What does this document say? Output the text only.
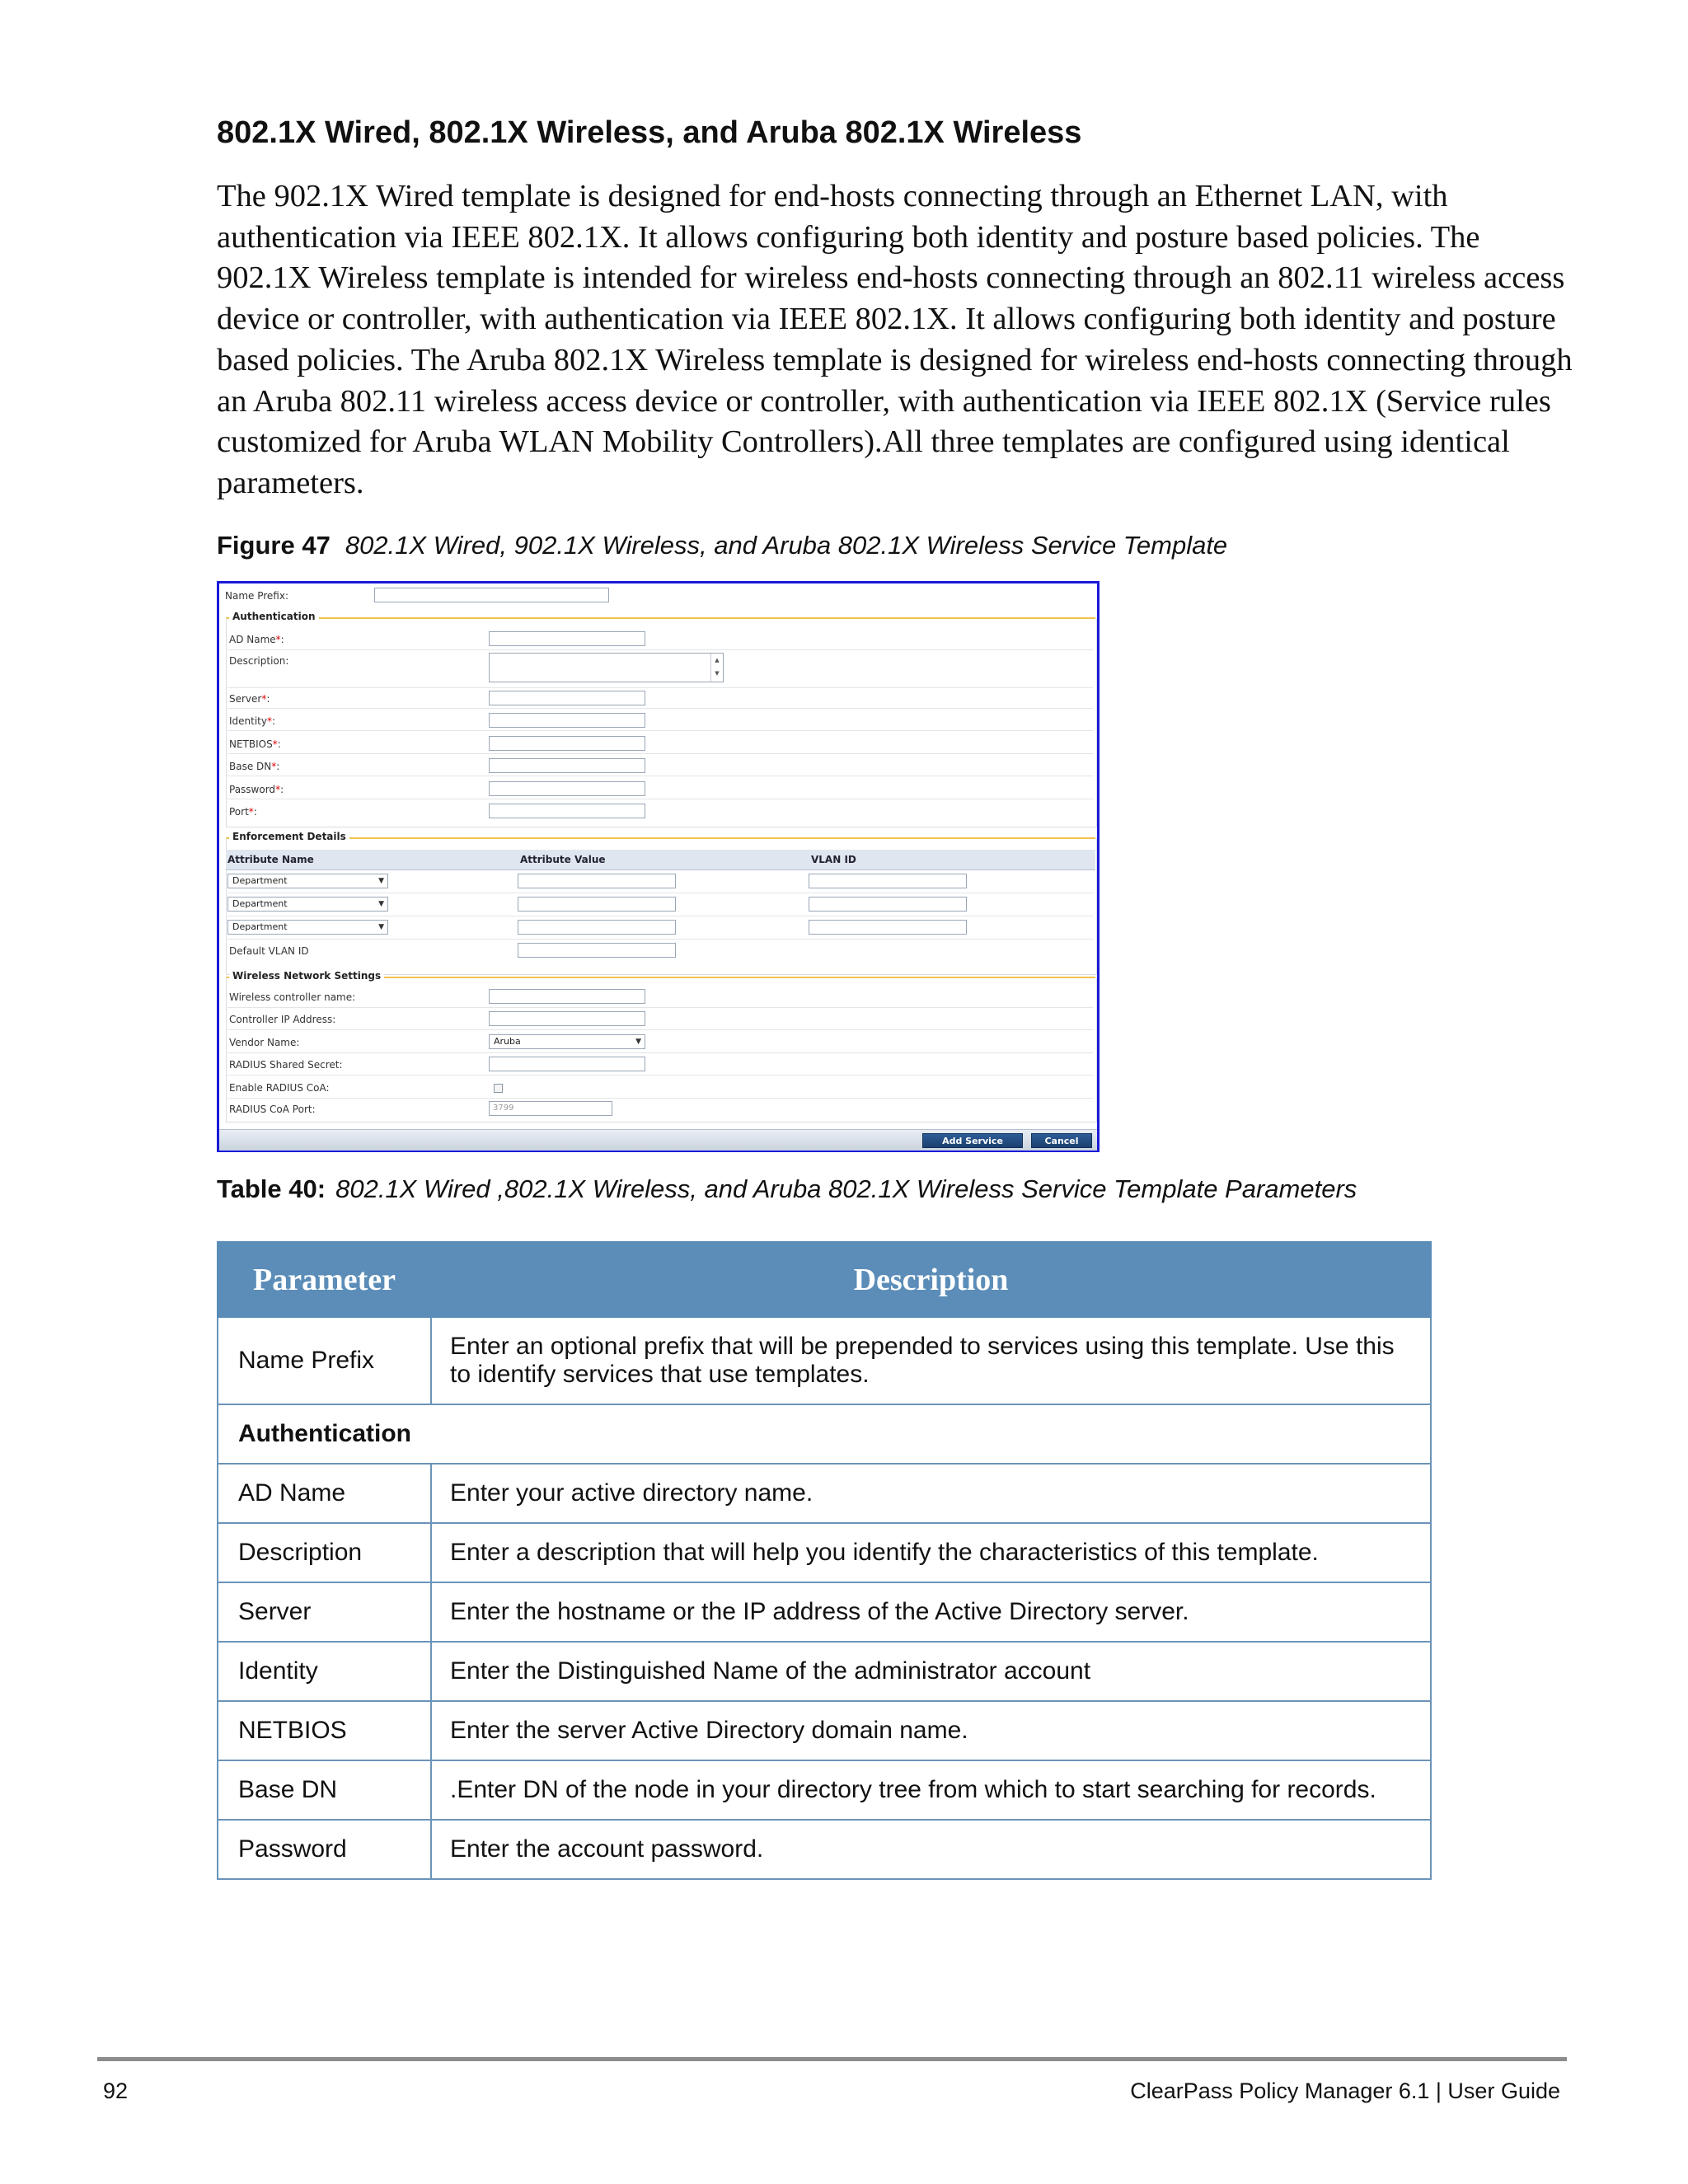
802.1X Wired, 802.1X Wireless, and Aruba 802.1X Wireless

The 902.1X Wired template is designed for end-hosts connecting through an Ethernet LAN, with authentication via IEEE 802.1X. It allows configuring both identity and posture based policies. The 902.1X Wireless template is intended for wireless end-hosts connecting through an 802.11 wireless access device or controller, with authentication via IEEE 802.1X. It allows configuring both identity and posture based policies. The Aruba 802.1X Wireless template is designed for wireless end-hosts connecting through an Aruba 802.11 wireless access device or controller, with authentication via IEEE 802.1X (Service rules customized for Aruba WLAN Mobility Controllers).All three templates are configured using identical parameters.

Figure 47 802.1X Wired, 902.1X Wireless, and Aruba 802.1X Wireless Service Template

Name Prefix:
Authentication
AD Name*:
Description:	▲
▼
Server*:
Identity*:
NETBIOS*:
Base DN*:
Password*:
Port*:
Enforcement Details
Attribute Name	Attribute Value	VLAN ID
Department	▼
Department	▼
Department	▼
Default VLAN ID
Wireless Network Settings
Wireless controller name:
Controller IP Address:
Vendor Name:	Aruba	▼
RADIUS Shared Secret:
Enable RADIUS CoA:
RADIUS CoA Port:	3799
Add Service	Cancel

Table 40: 802.1X Wired ,802.1X Wireless, and Aruba 802.1X Wireless Service Template Parameters

Parameter	Description
Name Prefix	Enter an optional prefix that will be prepended to services using this template. Use this to identify services that use templates.
Authentication	
AD Name	Enter your active directory name.
Description	Enter a description that will help you identify the characteristics of this template.
Server	Enter the hostname or the IP address of the Active Directory server.
Identity	Enter the Distinguished Name of the administrator account
NETBIOS	Enter the server Active Directory domain name.
Base DN	.Enter DN of the node in your directory tree from which to start searching for records.
Password	Enter the account password.
92	ClearPass Policy Manager 6.1 | User Guide
